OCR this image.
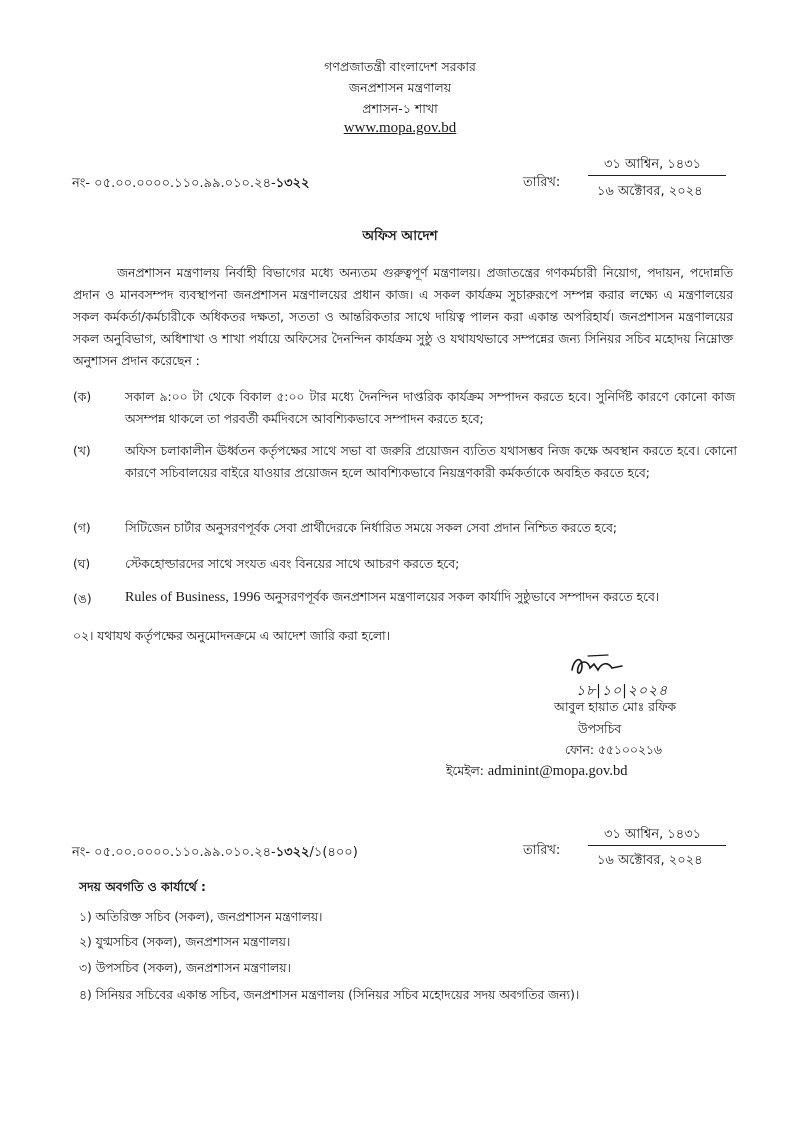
গণপ্রজাতন্ত্রী বাংলাদেশ সরকার
জনপ্রশাসন মন্ত্রণালয়
প্রশাসন-১ শাখা
www.mopa.gov.bd
নং- ০৫.০০.০০০০.১১০.৯৯.০১০.২৪-১৩২২
৩১ আশ্বিন, ১৪৩১
তারিখ:
১৬ অক্টোবর, ২০২৪
অফিস আদেশ
জনপ্রশাসন মন্ত্রণালয় নির্বাহী বিভাগের মধ্যে অন্যতম গুরুত্বপূর্ণ মন্ত্রণালয়। প্রজাতন্ত্রের গণকর্মচারী নিয়োগ, পদায়ন, পদোন্নতি প্রদান ও মানবসম্পদ ব্যবস্থাপনা জনপ্রশাসন মন্ত্রণালয়ের প্রধান কাজ। এ সকল কার্যক্রম সুচারুরূপে সম্পন্ন করার লক্ষ্যে এ মন্ত্রণালয়ের সকল কর্মকর্তা/কর্মচারীকে অধিকতর দক্ষতা, সততা ও আন্তরিকতার সাথে দায়িত্ব পালন করা একান্ত অপরিহার্য। জনপ্রশাসন মন্ত্রণালয়ের সকল অনুবিভাগ, অধিশাখা ও শাখা পর্যায়ে অফিসের দৈনন্দিন কার্যক্রম সুষ্ঠু ও যথাযথভাবে সম্পন্নের জন্য সিনিয়র সচিব মহোদয় নিম্নোক্ত অনুশাসন প্রদান করেছেন :
(ক)	সকাল ৯:০০ টা থেকে বিকাল ৫:০০ টার মধ্যে দৈনন্দিন দাপ্তরিক কার্যক্রম সম্পাদন করতে হবে। সুনির্দিষ্ট কারণে কোনো কাজ অসম্পন্ন থাকলে তা পরবর্তী কর্মদিবসে আবশ্যিকভাবে সম্পাদন করতে হবে;
(খ)	অফিস চলাকালীন ঊর্ধ্বতন কর্তৃপক্ষের সাথে সভা বা জরুরি প্রয়োজন ব্যতিত যথাসম্ভব নিজ কক্ষে অবস্থান করতে হবে। কোনো কারণে সচিবালয়ের বাইরে যাওয়ার প্রয়োজন হলে আবশ্যিকভাবে নিয়ন্ত্রণকারী কর্মকর্তাকে অবহিত করতে হবে;
(গ)	সিটিজেন চার্টার অনুসরণপূর্বক সেবা প্রার্থীদেরকে নির্ধারিত সময়ে সকল সেবা প্রদান নিশ্চিত করতে হবে;
(ঘ)	স্টেকহোল্ডারদের সাথে সংযত এবং বিনয়ের সাথে আচরণ করতে হবে;
(ঙ) Rules of Business, 1996 অনুসরণপূর্বক জনপ্রশাসন মন্ত্রণালয়ের সকল কার্যাদি সুষ্ঠুভাবে সম্পাদন করতে হবে।
০২। যথাযথ কর্তৃপক্ষের অনুমোদনক্রমে এ আদেশ জারি করা হলো।
১৮|১০|২০২৪
আবুল হায়াত মোঃ রফিক
উপসচিব
ফোন: ৫৫১০০২১৬
ইমেইল: adminint@mopa.gov.bd
নং- ০৫.০০.০০০০.১১০.৯৯.০১০.২৪-১৩২২/১(৪০০)
৩১ আশ্বিন, ১৪৩১
তারিখ:
১৬ অক্টোবর, ২০২৪
সদয় অবগতি ও কার্যার্থে :
১) অতিরিক্ত সচিব (সকল), জনপ্রশাসন মন্ত্রণালয়।
২) যুগ্মসচিব (সকল), জনপ্রশাসন মন্ত্রণালয়।
৩) উপসচিব (সকল), জনপ্রশাসন মন্ত্রণালয়।
৪) সিনিয়র সচিবের একান্ত সচিব, জনপ্রশাসন মন্ত্রণালয় (সিনিয়র সচিব মহোদয়ের সদয় অবগতির জন্য)।
